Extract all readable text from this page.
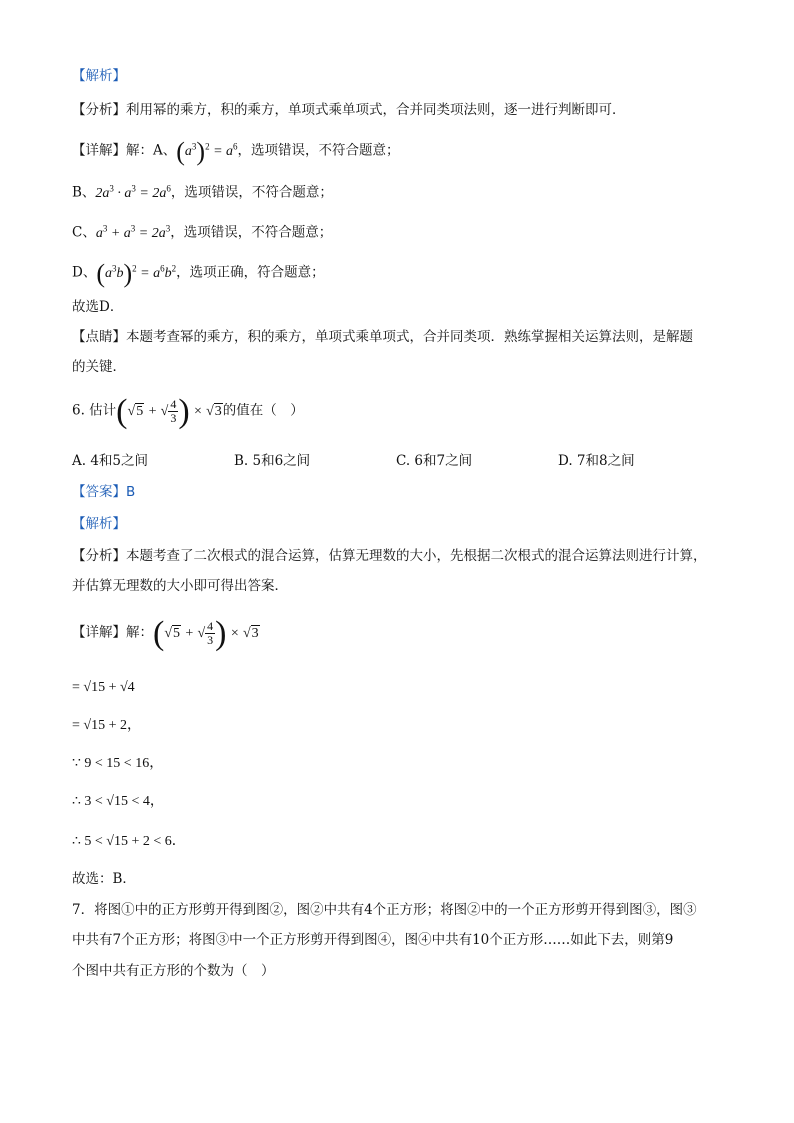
【解析】
【分析】利用幂的乘方，积的乘方，单项式乘单项式，合并同类项法则，逐一进行判断即可．
【详解】解：A、$(a^3)^2 = a^6$，选项错误，不符合题意；
B、$2a^3 \cdot a^3 = 2a^6$，选项错误，不符合题意；
C、$a^3 + a^3 = 2a^3$，选项错误，不符合题意；
D、$(a^3b)^2 = a^6b^2$，选项正确，符合题意；
故选D．
【点睛】本题考查幂的乘方，积的乘方，单项式乘单项式，合并同类项．熟练掌握相关运算法则，是解题
的关键．
6. 估计(√5 + √ $\frac{4}{3}$ ) × √3的值在（　）
A. 4和5之间	B. 5和6之间	C. 6和7之间	D. 7和8之间
【答案】B
【解析】
【分析】本题考查了二次根式的混合运算，估算无理数的大小，先根据二次根式的混合运算法则进行计算，
并估算无理数的大小即可得出答案．
【详解】解：(√5 + √ $\frac{4}{3}$ ) × √3
= √15 + √4
= √15 + 2，
∵ 9 < 15 < 16，
∴ 3 < √15 < 4，
∴ 5 < √15 + 2 < 6．
故选：B．
7．将图①中的正方形剪开得到图②，图②中共有4个正方形；将图②中的一个正方形剪开得到图③，图③
中共有7个正方形；将图③中一个正方形剪开得到图④，图④中共有10个正方形……如此下去，则第9
个图中共有正方形的个数为（　）
